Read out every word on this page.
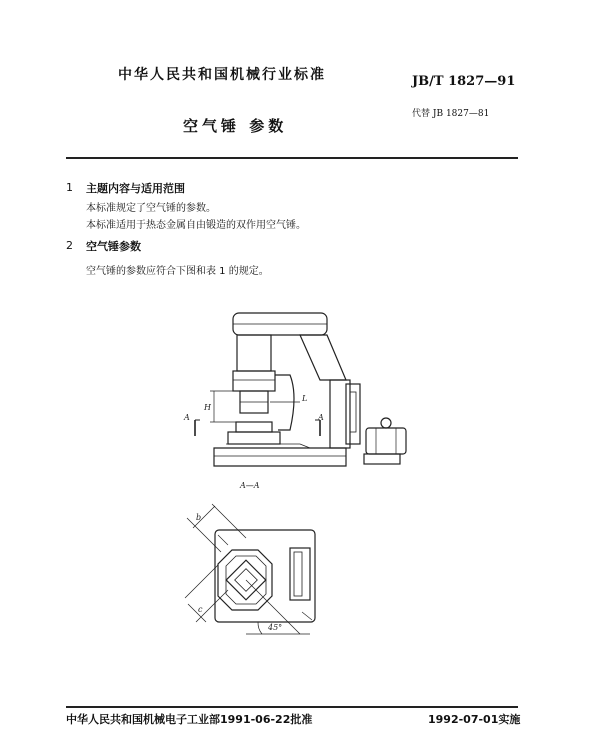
中华人民共和国机械行业标准	JB/T 1827—91
代替 JB 1827—81
空气锤 参数
1 主题内容与适用范围
本标准规定了空气锤的参数。
本标准适用于热态金属自由锻造的双作用空气锤。
2 空气锤参数
空气锤的参数应符合下图和表 1 的规定。
H
L
A	A
A—A
b
c
45°
中华人民共和国机械电子工业部1991-06-22批准	1992-07-01实施
